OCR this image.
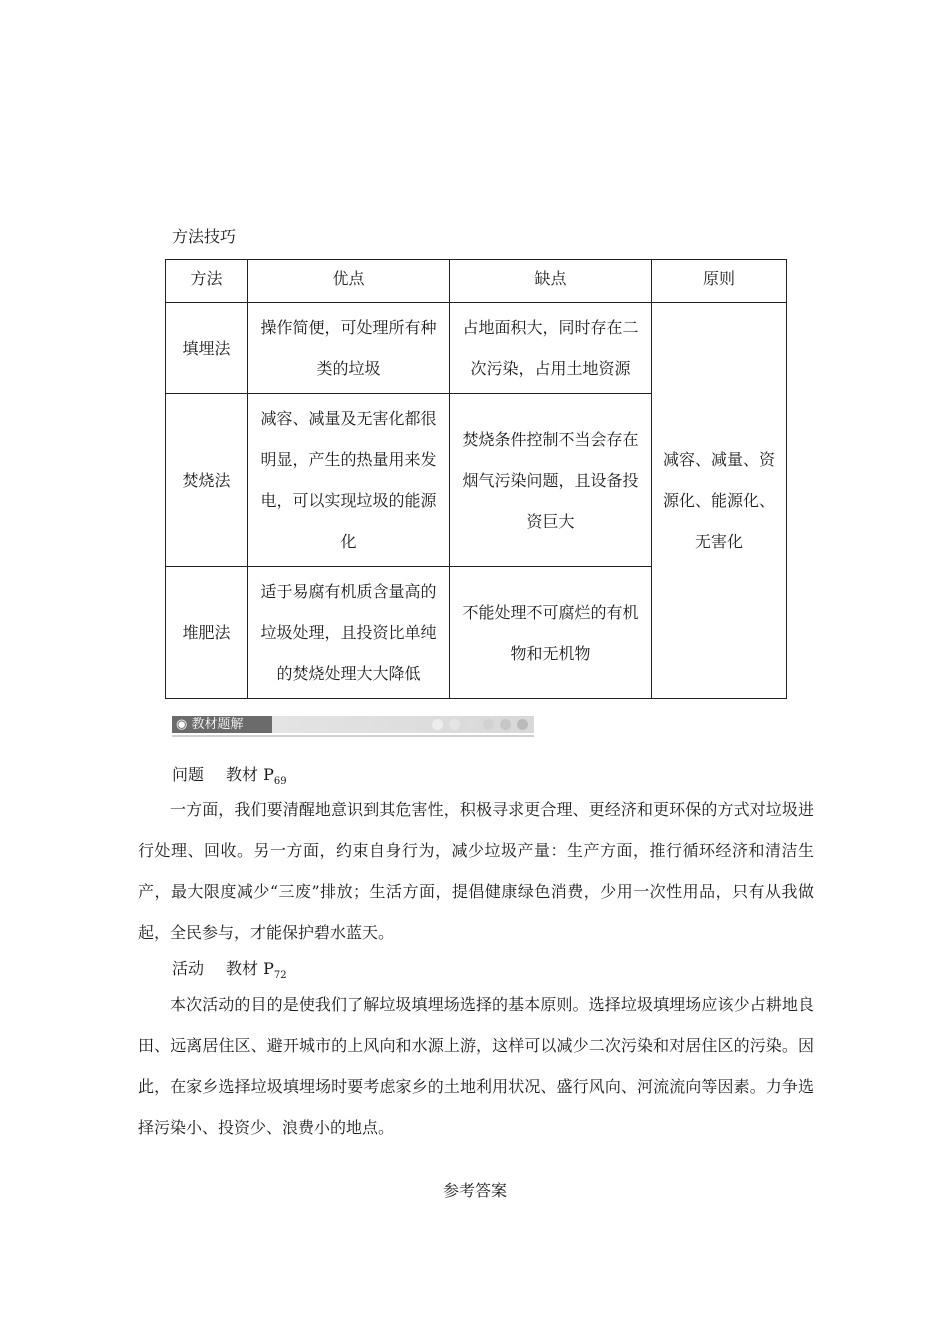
方法技巧
方法	优点	缺点	原则
填埋法	操作简便，可处理所有种类的垃圾	占地面积大，同时存在二次污染，占用土地资源	减容、减量、资源化、能源化、无害化
焚烧法	减容、减量及无害化都很明显，产生的热量用来发电，可以实现垃圾的能源化	焚烧条件控制不当会存在烟气污染问题，且设备投资巨大	
堆肥法	适于易腐有机质含量高的垃圾处理，且投资比单纯的焚烧处理大大降低	不能处理不可腐烂的有机物和无机物	
◉ 教材题解
问题 教材 $P_{69}$
一方面，我们要清醒地意识到其危害性，积极寻求更合理、更经济和更环保的方式对垃圾进行处理、回收。另一方面，约束自身行为，减少垃圾产量：生产方面，推行循环经济和清洁生产，最大限度减少“三废”排放；生活方面，提倡健康绿色消费，少用一次性用品，只有从我做起，全民参与，才能保护碧水蓝天。
活动 教材 $P_{72}$
本次活动的目的是使我们了解垃圾填埋场选择的基本原则。选择垃圾填埋场应该少占耕地良田、远离居住区、避开城市的上风向和水源上游，这样可以减少二次污染和对居住区的污染。因此，在家乡选择垃圾填埋场时要考虑家乡的土地利用状况、盛行风向、河流流向等因素。力争选择污染小、投资少、浪费小的地点。
参考答案
